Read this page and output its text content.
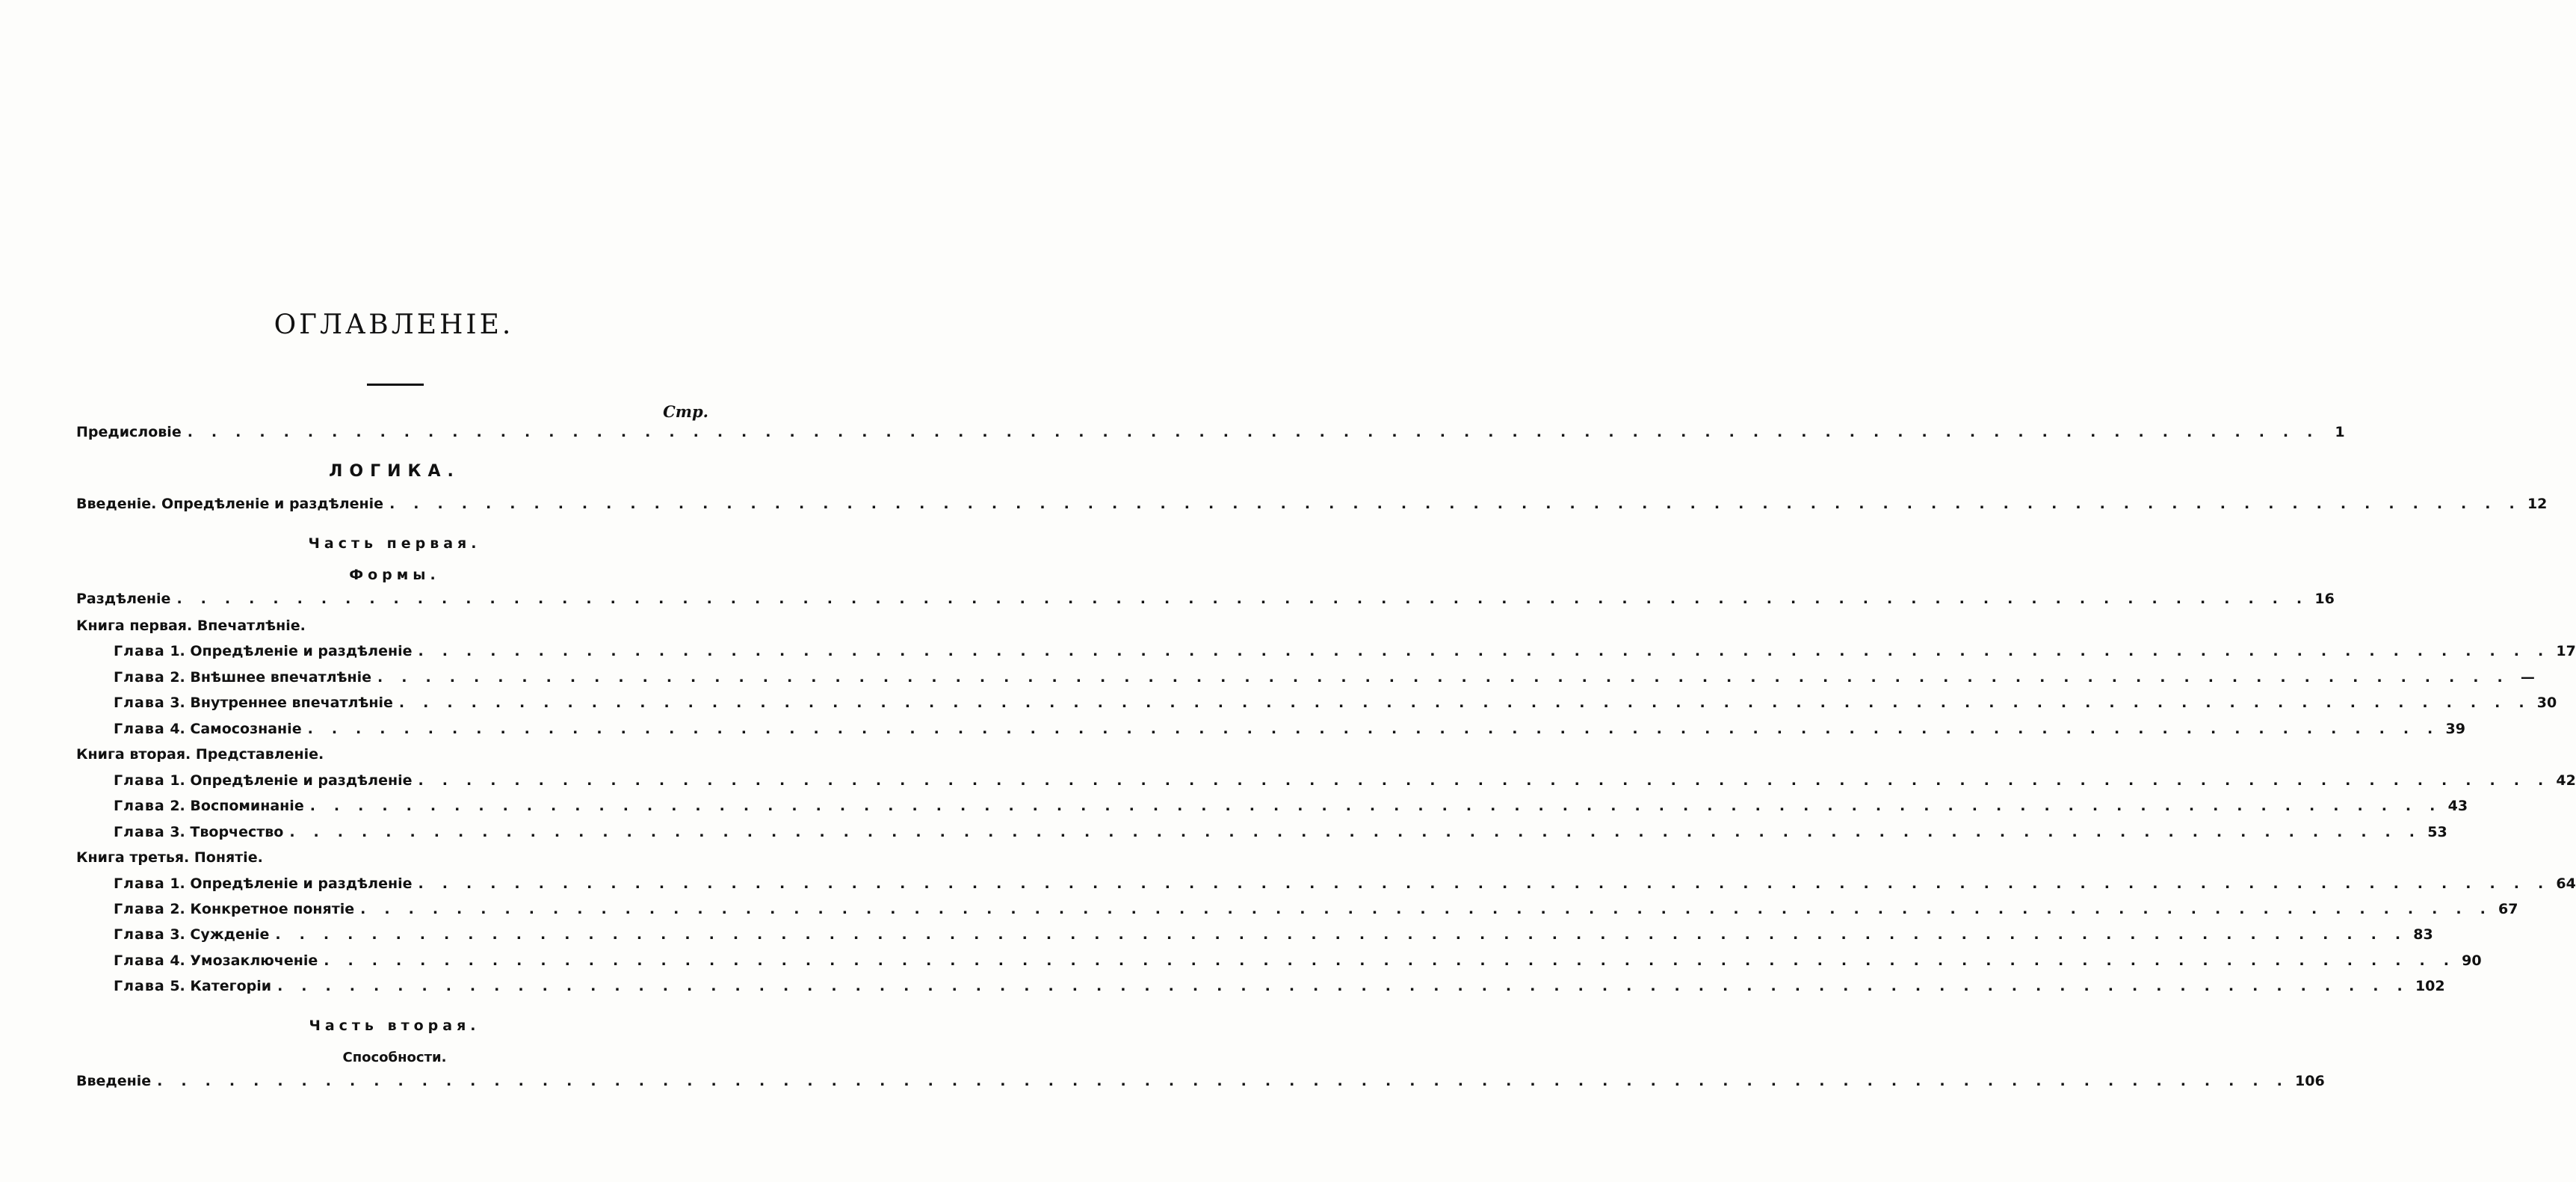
ОГЛАВЛЕНІЕ.
Стр.
Предисловіе . . . . . . . . . . . . . . . . . . . . . . . . . . . . . . . . . . . . . . . . . . . . . . . . . . . . . . . . . . . . . . . . . . . . . . . . . . . . . . . . . . . . . . . . .	1
ЛОГИКА.
Введеніе. Опредѣленіе и раздѣленіе . . . . . . . . . . . . . . . . . . . . . . . . . . . . . . . . . . . . . . . . . . . . . . . . . . . . . . . . . . . . . . . . . . . . . . . . . . . . . . . . . . . . . . . . . 12
Часть первая.
Формы.
Раздѣленіе . . . . . . . . . . . . . . . . . . . . . . . . . . . . . . . . . . . . . . . . . . . . . . . . . . . . . . . . . . . . . . . . . . . . . . . . . . . . . . . . . . . . . . . . . 16
Книга первая. Впечатлѣніе.
Глава 1. Опредѣленіе и раздѣленіе . . . . . . . . . . . . . . . . . . . . . . . . . . . . . . . . . . . . . . . . . . . . . . . . . . . . . . . . . . . . . . . . . . . . . . . . . . . . . . . . . . . . . . . . . 17
Глава 2. Внѣшнее впечатлѣніе . . . . . . . . . . . . . . . . . . . . . . . . . . . . . . . . . . . . . . . . . . . . . . . . . . . . . . . . . . . . . . . . . . . . . . . . . . . . . . . . . . . . . . . . . —
Глава 3. Внутреннее впечатлѣніе . . . . . . . . . . . . . . . . . . . . . . . . . . . . . . . . . . . . . . . . . . . . . . . . . . . . . . . . . . . . . . . . . . . . . . . . . . . . . . . . . . . . . . . . . 30
Глава 4. Самосознаніе . . . . . . . . . . . . . . . . . . . . . . . . . . . . . . . . . . . . . . . . . . . . . . . . . . . . . . . . . . . . . . . . . . . . . . . . . . . . . . . . . . . . . . . . . 39
Книга вторая. Представленіе.
Глава 1. Опредѣленіе и раздѣленіе . . . . . . . . . . . . . . . . . . . . . . . . . . . . . . . . . . . . . . . . . . . . . . . . . . . . . . . . . . . . . . . . . . . . . . . . . . . . . . . . . . . . . . . . . 42
Глава 2. Воспоминаніе . . . . . . . . . . . . . . . . . . . . . . . . . . . . . . . . . . . . . . . . . . . . . . . . . . . . . . . . . . . . . . . . . . . . . . . . . . . . . . . . . . . . . . . . . 43
Глава 3. Творчество . . . . . . . . . . . . . . . . . . . . . . . . . . . . . . . . . . . . . . . . . . . . . . . . . . . . . . . . . . . . . . . . . . . . . . . . . . . . . . . . . . . . . . . . . 53
Книга третья. Понятіе.
Глава 1. Опредѣленіе и раздѣленіе . . . . . . . . . . . . . . . . . . . . . . . . . . . . . . . . . . . . . . . . . . . . . . . . . . . . . . . . . . . . . . . . . . . . . . . . . . . . . . . . . . . . . . . . . 64
Глава 2. Конкретное понятіе . . . . . . . . . . . . . . . . . . . . . . . . . . . . . . . . . . . . . . . . . . . . . . . . . . . . . . . . . . . . . . . . . . . . . . . . . . . . . . . . . . . . . . . . . 67
Глава 3. Сужденіе . . . . . . . . . . . . . . . . . . . . . . . . . . . . . . . . . . . . . . . . . . . . . . . . . . . . . . . . . . . . . . . . . . . . . . . . . . . . . . . . . . . . . . . . . 83
Глава 4. Умозаключеніе . . . . . . . . . . . . . . . . . . . . . . . . . . . . . . . . . . . . . . . . . . . . . . . . . . . . . . . . . . . . . . . . . . . . . . . . . . . . . . . . . . . . . . . . . 90
Глава 5. Категоріи . . . . . . . . . . . . . . . . . . . . . . . . . . . . . . . . . . . . . . . . . . . . . . . . . . . . . . . . . . . . . . . . . . . . . . . . . . . . . . . . . . . . . . . . . 102
Часть вторая.
Способности.
Введеніе . . . . . . . . . . . . . . . . . . . . . . . . . . . . . . . . . . . . . . . . . . . . . . . . . . . . . . . . . . . . . . . . . . . . . . . . . . . . . . . . . . . . . . . . . 106
